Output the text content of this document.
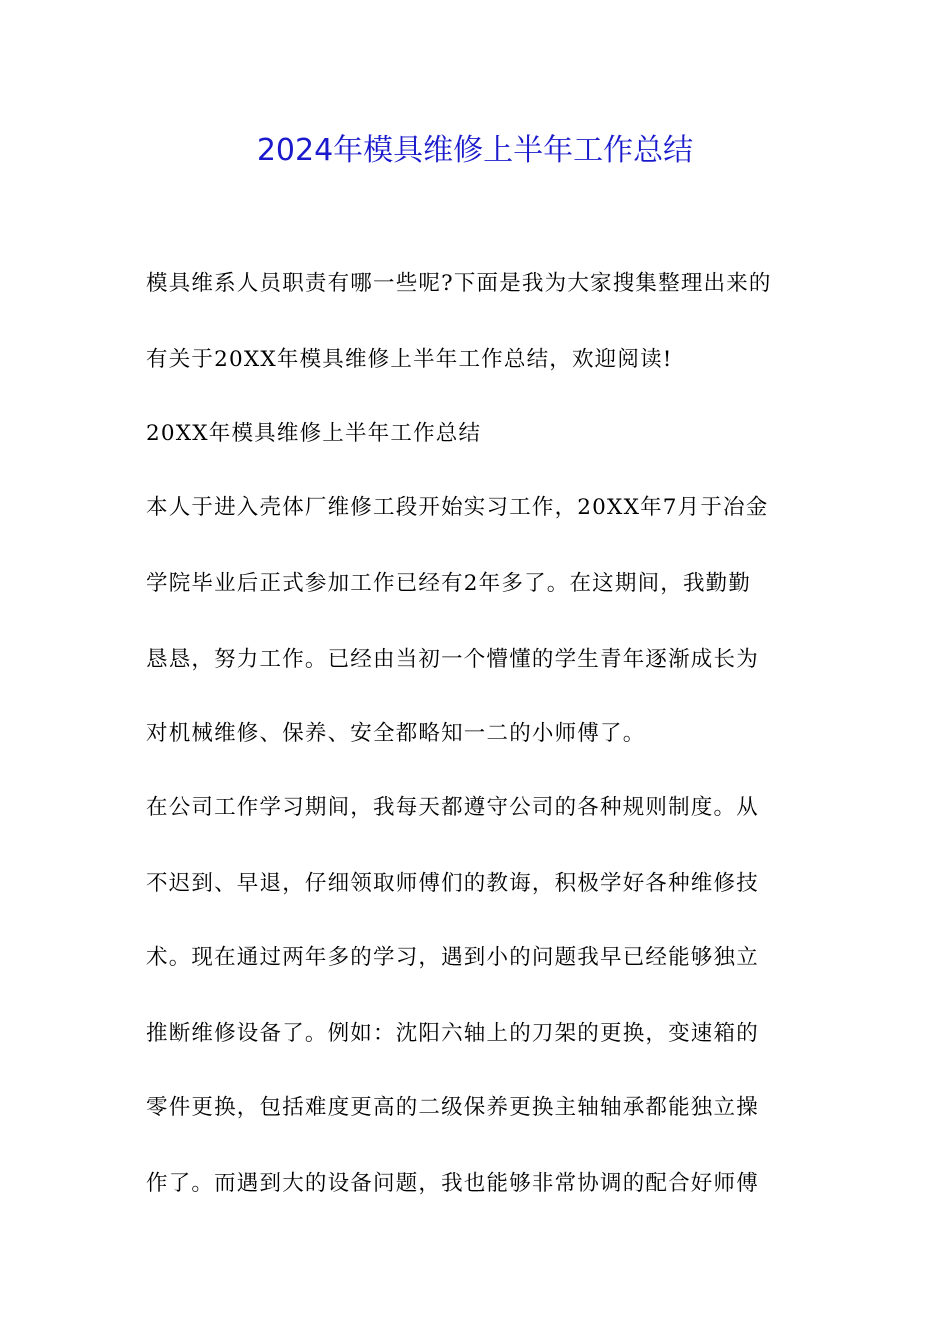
2024年模具维修上半年工作总结
模具维系人员职责有哪一些呢?下面是我为大家搜集整理出来的
有关于20XX年模具维修上半年工作总结，欢迎阅读!
20XX年模具维修上半年工作总结
本人于进入壳体厂维修工段开始实习工作，20XX年7月于冶金
学院毕业后正式参加工作已经有2年多了。在这期间，我勤勤
恳恳，努力工作。已经由当初一个懵懂的学生青年逐渐成长为
对机械维修、保养、安全都略知一二的小师傅了。
在公司工作学习期间，我每天都遵守公司的各种规则制度。从
不迟到、早退，仔细领取师傅们的教诲，积极学好各种维修技
术。现在通过两年多的学习，遇到小的问题我早已经能够独立
推断维修设备了。例如：沈阳六轴上的刀架的更换，变速箱的
零件更换，包括难度更高的二级保养更换主轴轴承都能独立操
作了。而遇到大的设备问题，我也能够非常协调的配合好师傅
